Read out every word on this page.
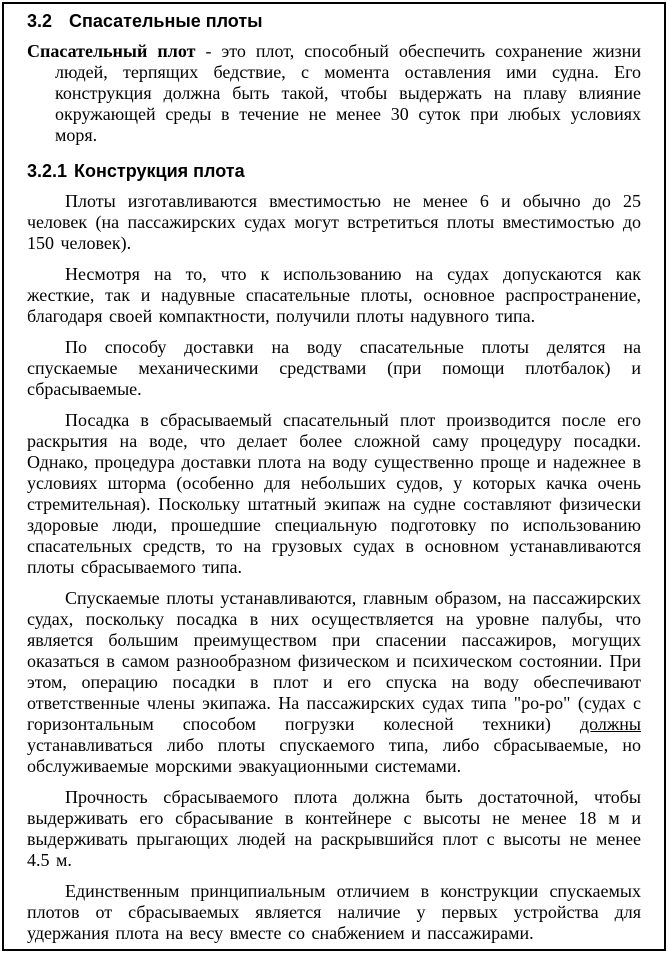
3.2 Спасательные плоты

Спасательный плот - это плот, способный обеспечить сохранение жизни людей, терпящих бедствие, с момента оставления ими судна. Его конструкция должна быть такой, чтобы выдержать на плаву влияние окружающей среды в течение не менее 30 суток при любых условиях моря.

3.2.1 Конструкция плота

Плоты изготавливаются вместимостью не менее 6 и обычно до 25 человек (на пассажирских судах могут встретиться плоты вместимостью до 150 человек).

Несмотря на то, что к использованию на судах допускаются как жесткие, так и надувные спасательные плоты, основное распространение, благодаря своей компактности, получили плоты надувного типа.

По способу доставки на воду спасательные плоты делятся на спускаемые механическими средствами (при помощи плотбалок) и сбрасываемые.

Посадка в сбрасываемый спасательный плот производится после его раскрытия на воде, что делает более сложной саму процедуру посадки. Однако, процедура доставки плота на воду существенно проще и надежнее в условиях шторма (особенно для небольших судов, у которых качка очень стремительная). Поскольку штатный экипаж на судне составляют физически здоровые люди, прошедшие специальную подготовку по использованию спасательных средств, то на грузовых судах в основном устанавливаются плоты сбрасываемого типа.

Спускаемые плоты устанавливаются, главным образом, на пассажирских судах, поскольку посадка в них осуществляется на уровне палубы, что является большим преимуществом при спасении пассажиров, могущих оказаться в самом разнообразном физическом и психическом состоянии. При этом, операцию посадки в плот и его спуска на воду обеспечивают ответственные члены экипажа. На пассажирских судах типа "ро-ро" (судах с горизонтальным способом погрузки колесной техники) должны устанавливаться либо плоты спускаемого типа, либо сбрасываемые, но обслуживаемые морскими эвакуационными системами.

Прочность сбрасываемого плота должна быть достаточной, чтобы выдерживать его сбрасывание в контейнере с высоты не менее 18 м и выдерживать прыгающих людей на раскрывшийся плот с высоты не менее 4.5 м.

Единственным принципиальным отличием в конструкции спускаемых плотов от сбрасываемых является наличие у первых устройства для удержания плота на весу вместе со снабжением и пассажирами.
